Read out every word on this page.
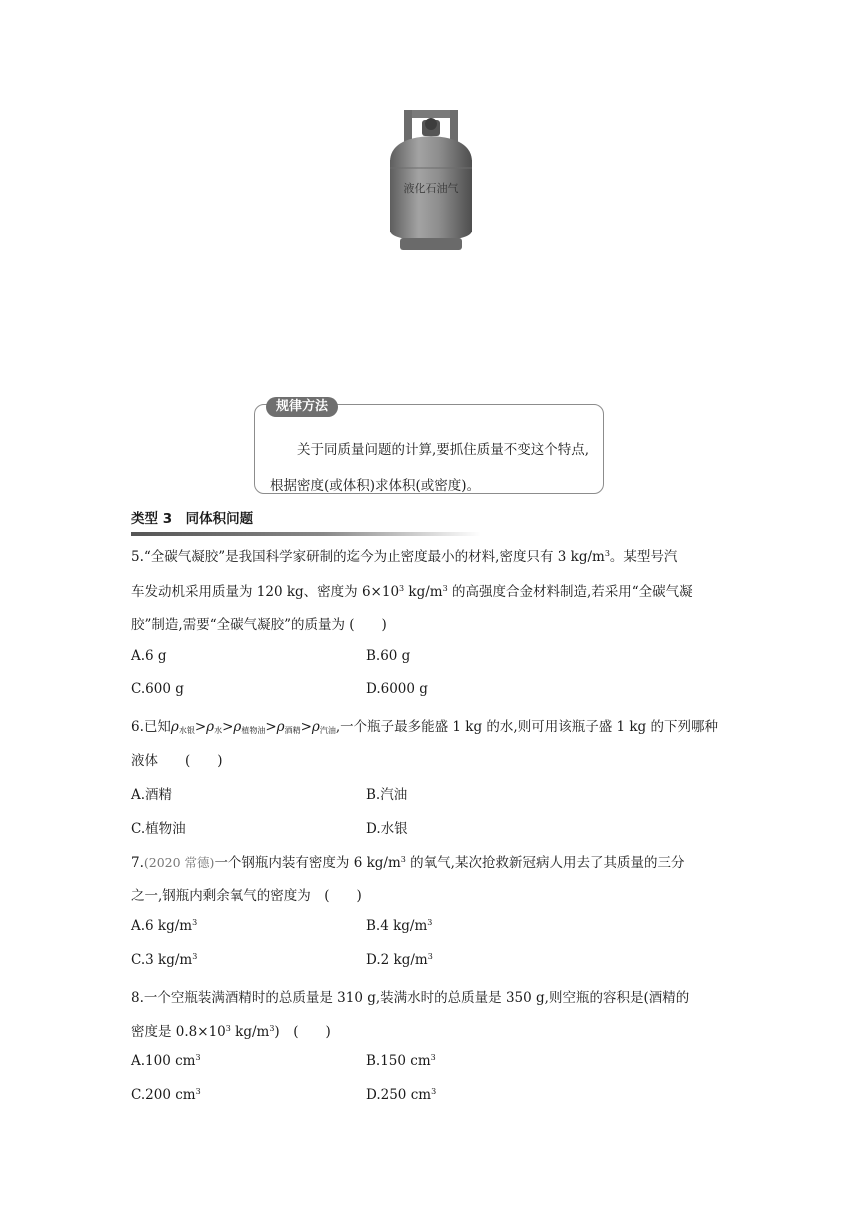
液化石油气
规律方法
关于同质量问题的计算,要抓住质量不变这个特点,根据密度(或体积)求体积(或密度)。
类型 3　同体积问题
5.“全碳气凝胶”是我国科学家研制的迄今为止密度最小的材料,密度只有 3 $kg/m^3$。某型号汽
车发动机采用质量为 120 kg、密度为 $6\times 10^3$ $kg/m^3$ 的高强度合金材料制造,若采用“全碳气凝
胶”制造,需要“全碳气凝胶”的质量为 (　　)
A.6 g	B.60 g
C.600 g	D.6000 g
6.已知$\rho_{水银}>\rho_水>\rho_{植物油}>\rho_{酒精}>\rho_{汽油}$,一个瓶子最多能盛 1 kg 的水,则可用该瓶子盛 1 kg 的下列哪种
液体　　(　　)
A.酒精	B.汽油
C.植物油	D.水银
7.(2020 常德)一个钢瓶内装有密度为 6 $kg/m^3$ 的氧气,某次抢救新冠病人用去了其质量的三分
之一,钢瓶内剩余氧气的密度为　(　　)
A.6 $kg/m^3$	B.4 $kg/m^3$
C.3 $kg/m^3$	D.2 $kg/m^3$
8.一个空瓶装满酒精时的总质量是 310 g,装满水时的总质量是 350 g,则空瓶的容积是(酒精的
密度是 $0.8\times 10^3$ $kg/m^3$)　(　　)
A.100 $cm^3$	B.150 $cm^3$
C.200 $cm^3$	D.250 $cm^3$
